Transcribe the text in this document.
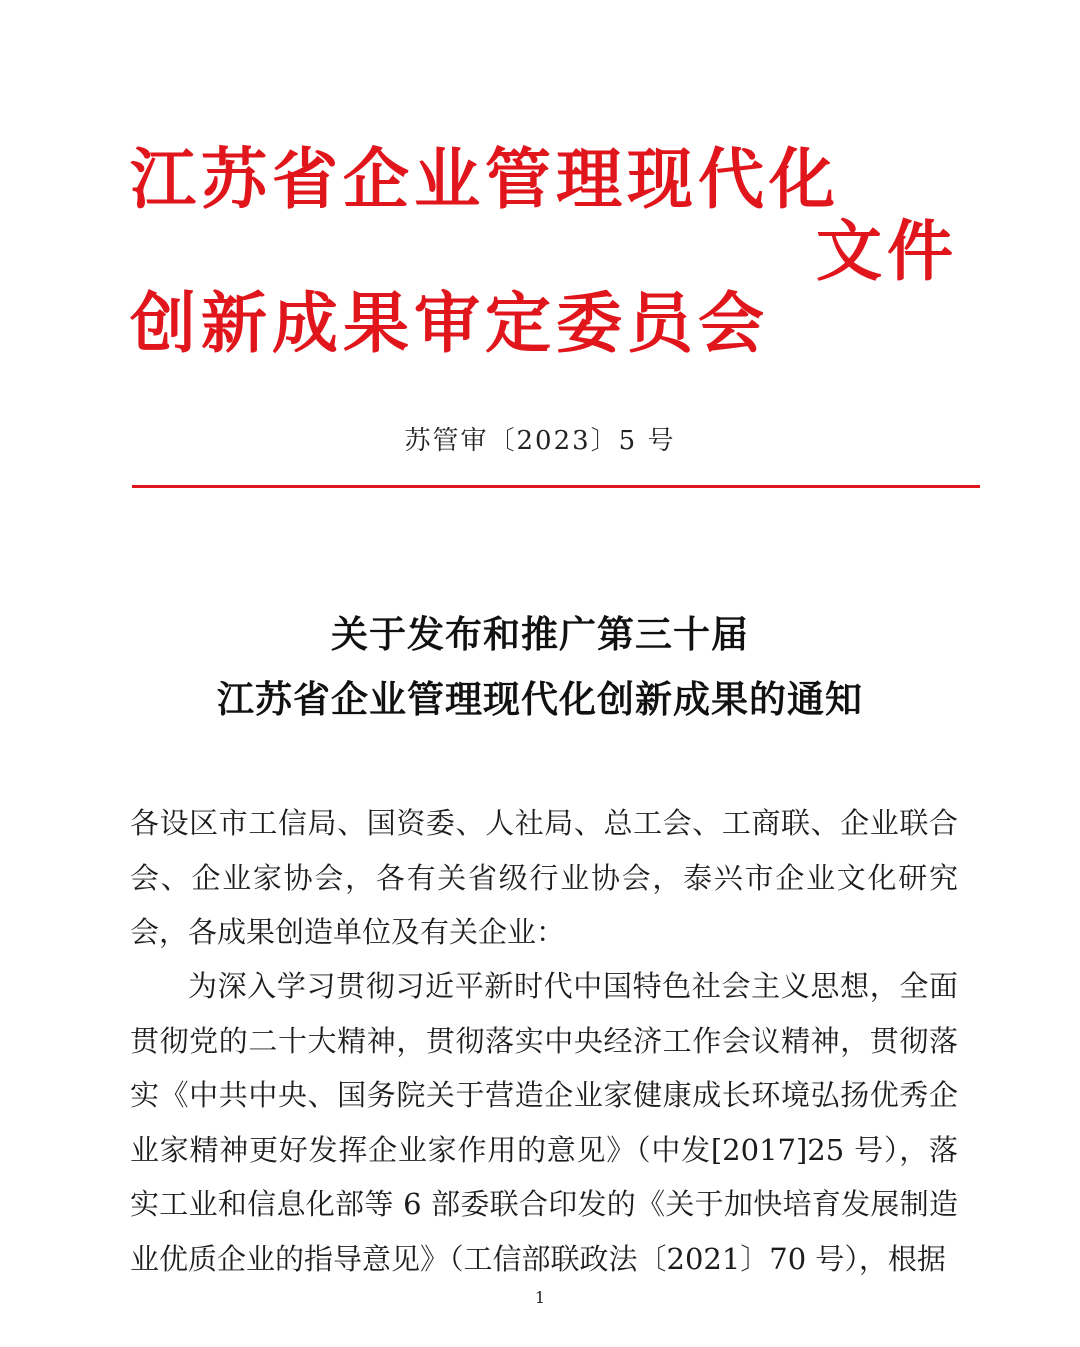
江苏省企业管理现代化
创新成果审定委员会
文件
苏管审〔2023〕5 号
关于发布和推广第三十届
江苏省企业管理现代化创新成果的通知
各设区市工信局、国资委、人社局、总工会、工商联、企业联合会、企业家协会，各有关省级行业协会，泰兴市企业文化研究会，各成果创造单位及有关企业：
为深入学习贯彻习近平新时代中国特色社会主义思想，全面贯彻党的二十大精神，贯彻落实中央经济工作会议精神，贯彻落实《中共中央、国务院关于营造企业家健康成长环境弘扬优秀企业家精神更好发挥企业家作用的意见》（中发[2017]25 号），落实工业和信息化部等 6 部委联合印发的《关于加快培育发展制造业优质企业的指导意见》（工信部联政法〔2021〕70 号），根据
1
